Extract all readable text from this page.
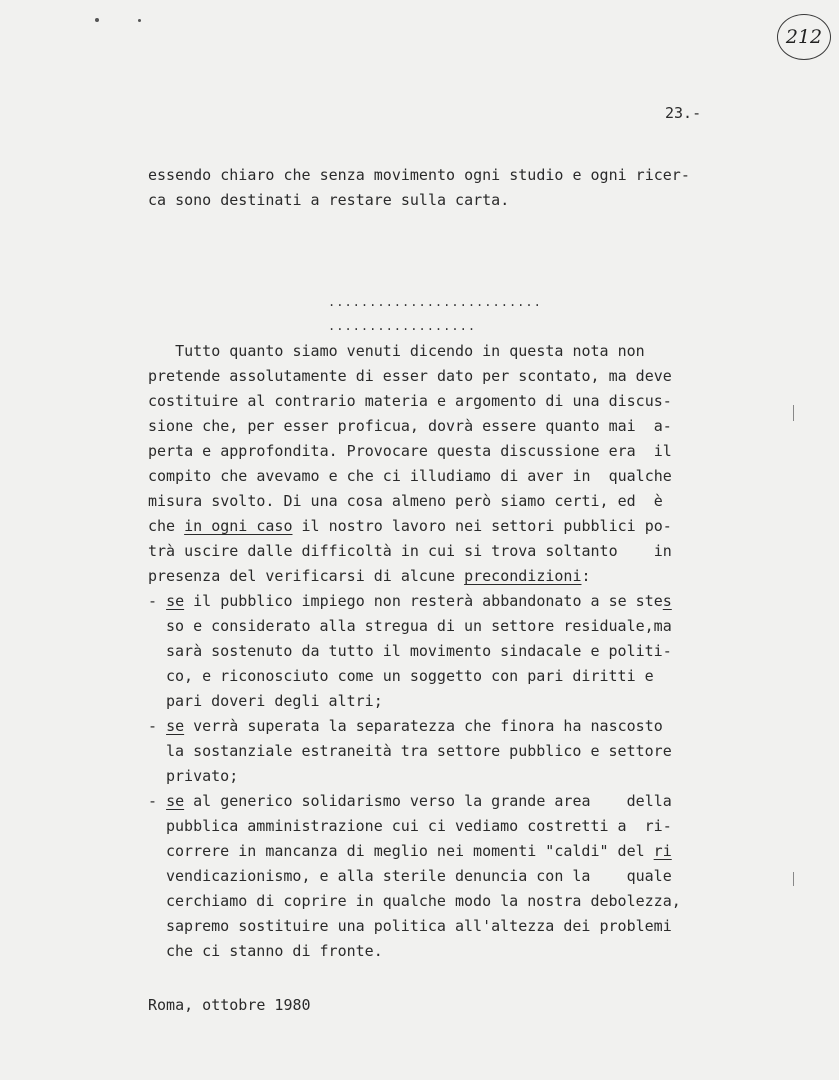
212
23.-
essendo chiaro che senza movimento ogni studio e ogni ricer-
ca sono destinati a restare sulla carta.

..........................

..................

Tutto quanto siamo venuti dicendo in questa nota non
pretende assolutamente di esser dato per scontato, ma deve
costituire al contrario materia e argomento di una discus-
sione che, per esser proficua, dovrà essere quanto mai  a-
perta e approfondita. Provocare questa discussione era  il
compito che avevamo e che ci illudiamo di aver in  qualche
misura svolto. Di una cosa almeno però siamo certi, ed  è
che in ogni caso il nostro lavoro nei settori pubblici po-
trà uscire dalle difficoltà in cui si trova soltanto    in
presenza del verificarsi di alcune precondizioni:
- se il pubblico impiego non resterà abbandonato a se stes
so e considerato alla stregua di un settore residuale,ma
sarà sostenuto da tutto il movimento sindacale e politi-
co, e riconosciuto come un soggetto con pari diritti e
pari doveri degli altri;
- se verrà superata la separatezza che finora ha nascosto
la sostanziale estraneità tra settore pubblico e settore
privato;
- se al generico solidarismo verso la grande area    della
pubblica amministrazione cui ci vediamo costretti a  ri-
correre in mancanza di meglio nei momenti "caldi" del ri
vendicazionismo, e alla sterile denuncia con la    quale
cerchiamo di coprire in qualche modo la nostra debolezza,
sapremo sostituire una politica all'altezza dei problemi
che ci stanno di fronte.
Roma, ottobre 1980
